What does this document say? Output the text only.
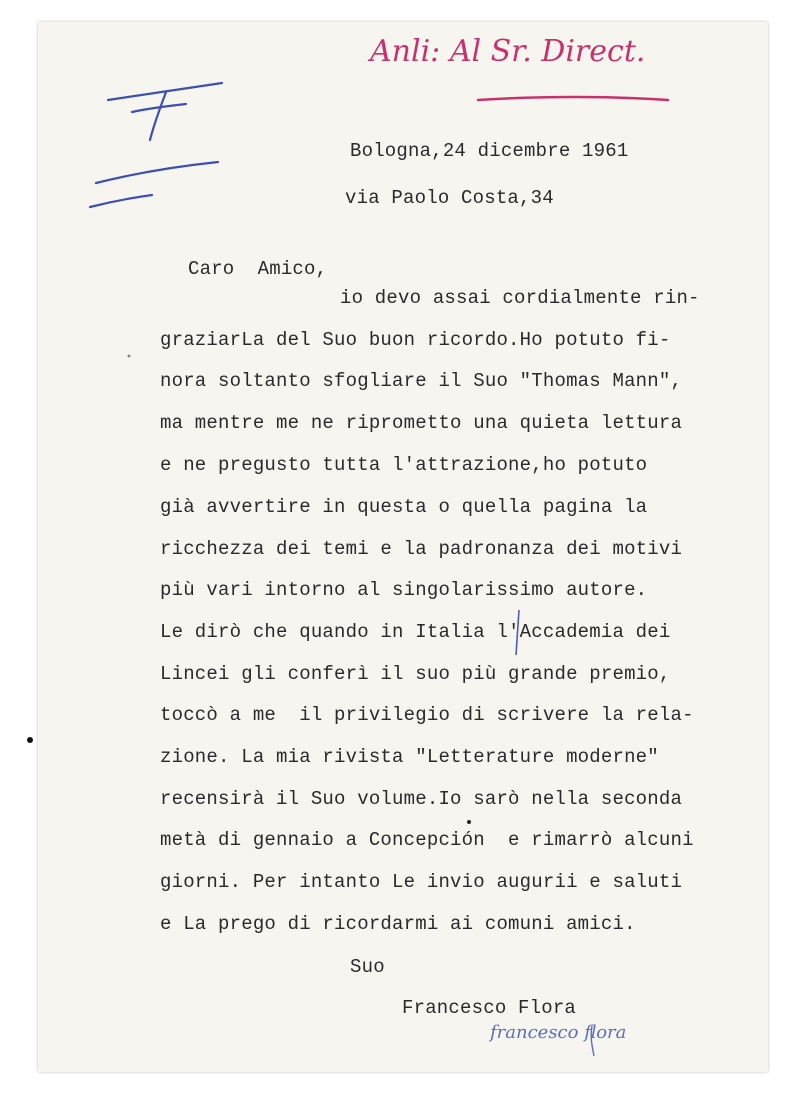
Anli: Al Sr. Direct.
Bologna,24 dicembre 1961
via Paolo Costa,34
Caro  Amico,
io devo assai cordialmente rin-
graziarLa del Suo buon ricordo.Ho potuto fi-
nora soltanto sfogliare il Suo "Thomas Mann",
ma mentre me ne riprometto una quieta lettura
e ne pregusto tutta l'attrazione,ho potuto
già avvertire in questa o quella pagina la
ricchezza dei temi e la padronanza dei motivi
più vari intorno al singolarissimo autore.
Le dirò che quando in Italia l'Accademia dei
Lincei gli conferì il suo più grande premio,
toccò a me  il privilegio di scrivere la rela-
zione. La mia rivista "Letterature moderne"
recensirà il Suo volume.Io sarò nella seconda
metà di gennaio a Concepción  e rimarrò alcuni
giorni. Per intanto Le invio augurii e saluti
e La prego di ricordarmi ai comuni amici.
Suo
Francesco Flora
francesco flora
